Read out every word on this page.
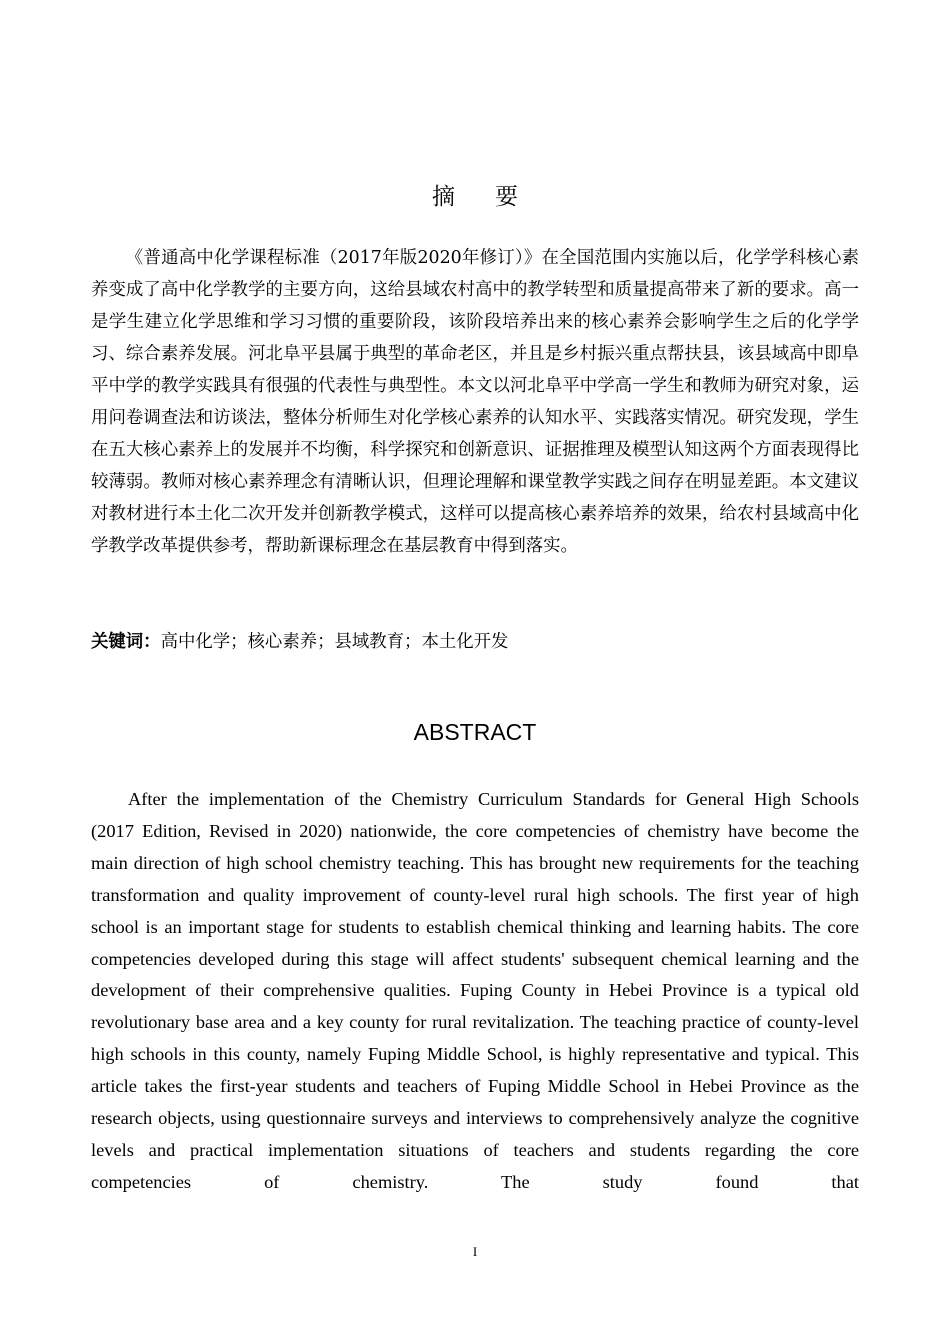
摘 要

《普通高中化学课程标准（2017年版2020年修订）》在全国范围内实施以后，化学学科核心素养变成了高中化学教学的主要方向，这给县域农村高中的教学转型和质量提高带来了新的要求。高一是学生建立化学思维和学习习惯的重要阶段，该阶段培养出来的核心素养会影响学生之后的化学学习、综合素养发展。河北阜平县属于典型的革命老区，并且是乡村振兴重点帮扶县，该县域高中即阜平中学的教学实践具有很强的代表性与典型性。本文以河北阜平中学高一学生和教师为研究对象，运用问卷调查法和访谈法，整体分析师生对化学核心素养的认知水平、实践落实情况。研究发现，学生在五大核心素养上的发展并不均衡，科学探究和创新意识、证据推理及模型认知这两个方面表现得比较薄弱。教师对核心素养理念有清晰认识，但理论理解和课堂教学实践之间存在明显差距。本文建议对教材进行本土化二次开发并创新教学模式，这样可以提高核心素养培养的效果，给农村县域高中化学教学改革提供参考，帮助新课标理念在基层教育中得到落实。

关键词：高中化学；核心素养；县域教育；本土化开发

ABSTRACT

After the implementation of the Chemistry Curriculum Standards for General High Schools (2017 Edition, Revised in 2020) nationwide, the core competencies of chemistry have become the main direction of high school chemistry teaching. This has brought new requirements for the teaching transformation and quality improvement of county-level rural high schools. The first year of high school is an important stage for students to establish chemical thinking and learning habits. The core competencies developed during this stage will affect students' subsequent chemical learning and the development of their comprehensive qualities. Fuping County in Hebei Province is a typical old revolutionary base area and a key county for rural revitalization. The teaching practice of county-level high schools in this county, namely Fuping Middle School, is highly representative and typical. This article takes the first-year students and teachers of Fuping Middle School in Hebei Province as the research objects, using questionnaire surveys and interviews to comprehensively analyze the cognitive levels and practical implementation situations of teachers and students regarding the core competencies of chemistry. The study found that

I
